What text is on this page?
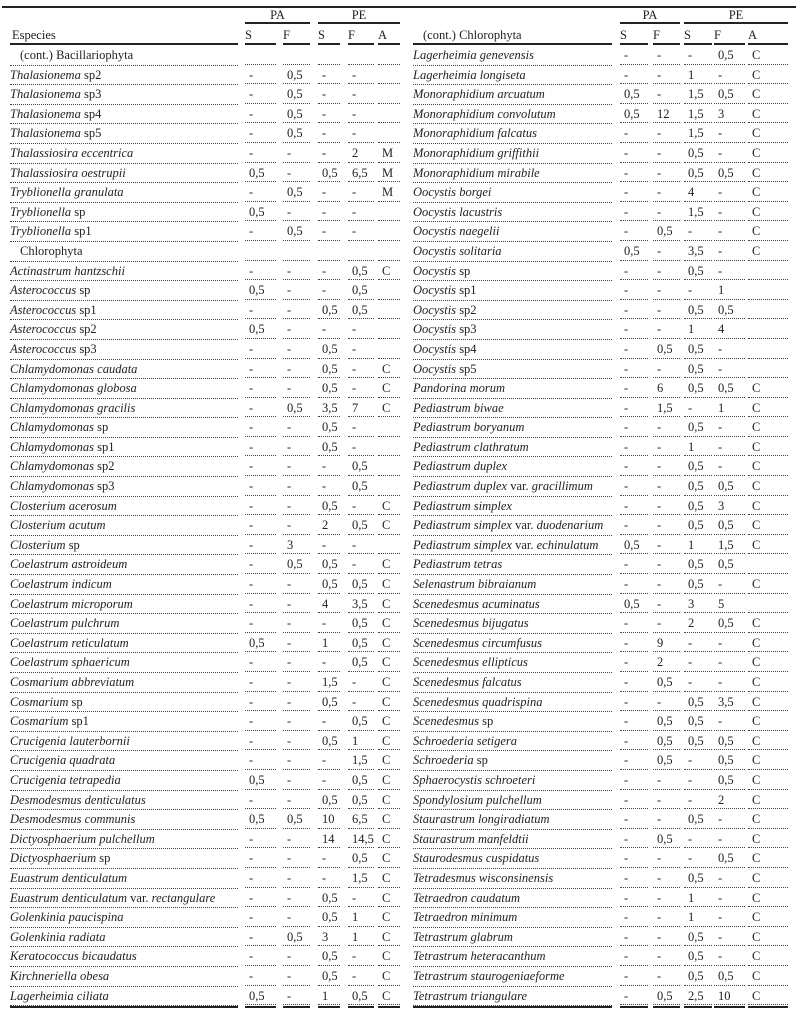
PA	PE
Especies	S	F	S	F	A
(cont.) Bacillariophyta
Thalasionema sp2	-	0,5	-	-
Thalasionema sp3	-	0,5	-	-
Thalasionema sp4	-	0,5	-	-
Thalasionema sp5	-	0,5	-	-
Thalassiosira eccentrica	-	-	-	2	M
Thalassiosira oestrupii	0,5	-	0,5	6,5	M
Tryblionella granulata	-	0,5	-	-	M
Tryblionella sp	0,5	-	-	-
Tryblionella sp1	-	0,5	-	-
Chlorophyta
Actinastrum hantzschii	-	-	-	0,5	C
Asterococcus sp	0,5	-	-	0,5
Asterococcus sp1	-	-	0,5	0,5
Asterococcus sp2	0,5	-	-	-
Asterococcus sp3	-	-	0,5	-
Chlamydomonas caudata	-	-	0,5	-	C
Chlamydomonas globosa	-	-	0,5	-	C
Chlamydomonas gracilis	-	0,5	3,5	7	C
Chlamydomonas sp	-	-	0,5	-
Chlamydomonas sp1	-	-	0,5	-
Chlamydomonas sp2	-	-	-	0,5
Chlamydomonas sp3	-	-	-	0,5
Closterium acerosum	-	-	0,5	-	C
Closterium acutum	-	-	2	0,5	C
Closterium sp	-	3	-	-
Coelastrum astroideum	-	0,5	0,5	-	C
Coelastrum indicum	-	-	0,5	0,5	C
Coelastrum microporum	-	-	4	3,5	C
Coelastrum pulchrum	-	-	-	0,5	C
Coelastrum reticulatum	0,5	-	1	0,5	C
Coelastrum sphaericum	-	-	-	0,5	C
Cosmarium abbreviatum	-	-	1,5	-	C
Cosmarium sp	-	-	0,5	-	C
Cosmarium sp1	-	-	-	0,5	C
Crucigenia lauterbornii	-	-	0,5	1	C
Crucigenia quadrata	-	-	-	1,5	C
Crucigenia tetrapedia	0,5	-	-	0,5	C
Desmodesmus denticulatus	-	-	0,5	0,5	C
Desmodesmus communis	0,5	0,5	10	6,5	C
Dictyosphaerium pulchellum	-	-	14	14,5 C
Dictyosphaerium sp	-	-	-	0,5	C
Euastrum denticulatum	-	-	-	1,5	C
Euastrum denticulatum var. rectangulare	-	-	0,5	-	C
Golenkinia paucispina	-	-	0,5	1	C
Golenkinia radiata	-	0,5	3	1	C
Keratococcus bicaudatus	-	-	0,5	-	C
Kirchneriella obesa	-	-	0,5	-	C
Lagerheimia ciliata	0,5	-	1	0,5	C
PA	PE
(cont.) Chlorophyta	S	F	S	F	A
Lagerheimia genevensis	-	-	-	0,5	C
Lagerheimia longiseta	-	-	1	-	C
Monoraphidium arcuatum	0,5	-	1,5	0,5	C
Monoraphidium convolutum	0,5	12	1,5	3	C
Monoraphidium falcatus	-	-	1,5	-	C
Monoraphidium griffithii	-	-	0,5	-	C
Monoraphidium mirabile	-	-	0,5	0,5	C
Oocystis borgei	-	-	4	-	C
Oocystis lacustris	-	-	1,5	-	C
Oocystis naegelii	-	0,5	-	-	C
Oocystis solitaria	0,5	-	3,5	-	C
Oocystis sp	-	-	0,5	-
Oocystis sp1	-	-	-	1
Oocystis sp2	-	-	0,5	0,5
Oocystis sp3	-	-	1	4
Oocystis sp4	-	0,5	0,5	-
Oocystis sp5	-	-	0,5	-
Pandorina morum	-	6	0,5	0,5	C
Pediastrum biwae	-	1,5	-	1	C
Pediastrum boryanum	-	-	0,5	-	C
Pediastrum clathratum	-	-	1	-	C
Pediastrum duplex	-	-	0,5	-	C
Pediastrum duplex var. gracillimum	-	-	0,5	0,5	C
Pediastrum simplex	-	-	0,5	3	C
Pediastrum simplex var. duodenarium	-	-	0,5	0,5	C
Pediastrum simplex var. echinulatum	0,5	-	1	1,5	C
Pediastrum tetras	-	-	0,5	0,5
Selenastrum bibraianum	-	-	0,5	-	C
Scenedesmus acuminatus	0,5	-	3	5
Scenedesmus bijugatus	-	-	2	0,5	C
Scenedesmus circumfusus	-	9	-	-	C
Scenedesmus ellipticus	-	2	-	-	C
Scenedesmus falcatus	-	0,5	-	-	C
Scenedesmus quadrispina	-	-	0,5	3,5	C
Scenedesmus sp	-	0,5	0,5	-	C
Schroederia setigera	-	0,5	0,5	0,5	C
Schroederia sp	-	0,5	-	0,5	C
Sphaerocystis schroeteri	-	-	-	0,5	C
Spondylosium pulchellum	-	-	-	2	C
Staurastrum longiradiatum	-	-	0,5	-	C
Staurastrum manfeldtii	-	0,5	-	-	C
Staurodesmus cuspidatus	-	-	-	0,5	C
Tetradesmus wisconsinensis	-	-	0,5	-	C
Tetraedron caudatum	-	-	1	-	C
Tetraedron minimum	-	-	1	-	C
Tetrastrum glabrum	-	-	0,5	-	C
Tetrastrum heteracanthum	-	-	0,5	-	C
Tetrastrum staurogeniaeforme	-	-	0,5	0,5	C
Tetrastrum triangulare	-	0,5	2,5	10	C
